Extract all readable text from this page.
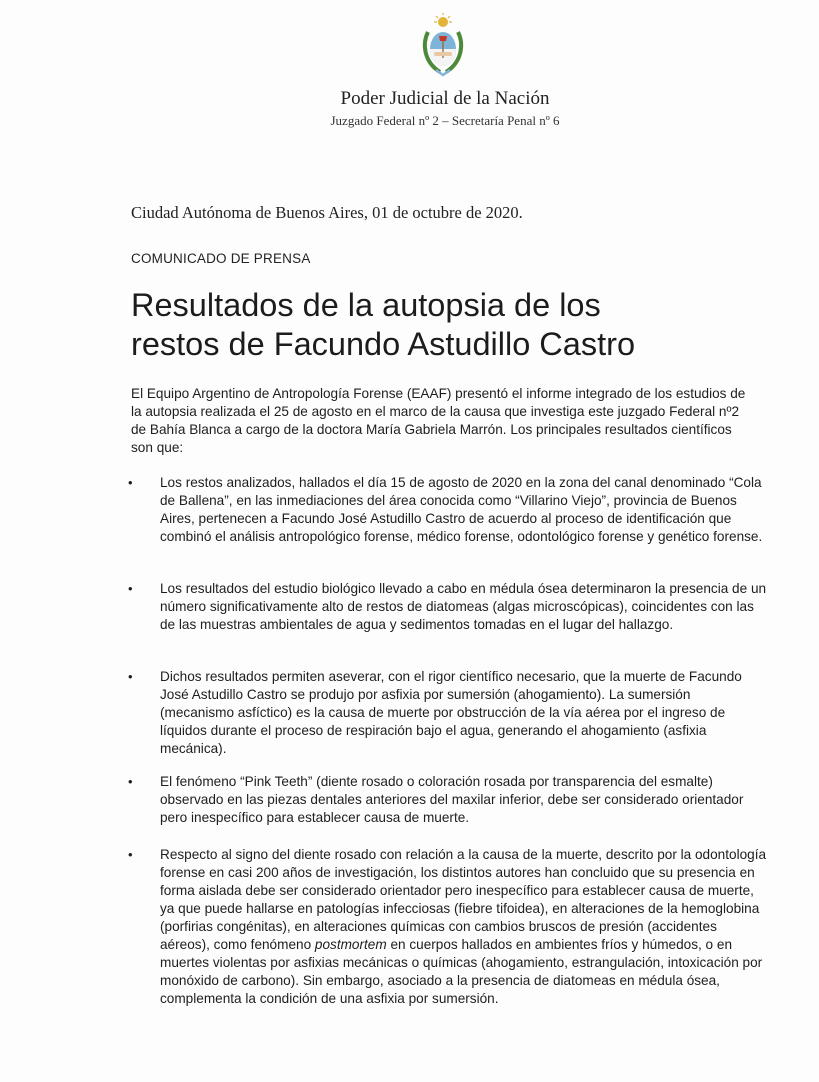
Poder Judicial de la Nación
Juzgado Federal nº 2 – Secretaría Penal nº 6
Ciudad Autónoma de Buenos Aires, 01 de octubre de 2020.
COMUNICADO DE PRENSA
Resultados de la autopsia de los
restos de Facundo Astudillo Castro

El Equipo Argentino de Antropología Forense (EAAF) presentó el informe integrado de los estudios de la autopsia realizada el 25 de agosto en el marco de la causa que investiga este juzgado Federal nº2 de Bahía Blanca a cargo de la doctora María Gabriela Marrón. Los principales resultados científicos son que:

• Los restos analizados, hallados el día 15 de agosto de 2020 en la zona del canal denominado “Cola de Ballena”, en las inmediaciones del área conocida como “Villarino Viejo”, provincia de Buenos Aires, pertenecen a Facundo José Astudillo Castro de acuerdo al proceso de identificación que combinó el análisis antropológico forense, médico forense, odontológico forense y genético forense.

• Los resultados del estudio biológico llevado a cabo en médula ósea determinaron la presencia de un número significativamente alto de restos de diatomeas (algas microscópicas), coincidentes con las de las muestras ambientales de agua y sedimentos tomadas en el lugar del hallazgo.

• Dichos resultados permiten aseverar, con el rigor científico necesario, que la muerte de Facundo José Astudillo Castro se produjo por asfixia por sumersión (ahogamiento). La sumersión (mecanismo asfíctico) es la causa de muerte por obstrucción de la vía aérea por el ingreso de líquidos durante el proceso de respiración bajo el agua, generando el ahogamiento (asfixia mecánica).

• El fenómeno “Pink Teeth” (diente rosado o coloración rosada por transparencia del esmalte) observado en las piezas dentales anteriores del maxilar inferior, debe ser considerado orientador pero inespecífico para establecer causa de muerte.

• Respecto al signo del diente rosado con relación a la causa de la muerte, descrito por la odontología forense en casi 200 años de investigación, los distintos autores han concluido que su presencia en forma aislada debe ser considerado orientador pero inespecífico para establecer causa de muerte, ya que puede hallarse en patologías infecciosas (fiebre tifoidea), en alteraciones de la hemoglobina (porfirias congénitas), en alteraciones químicas con cambios bruscos de presión (accidentes aéreos), como fenómeno postmortem en cuerpos hallados en ambientes fríos y húmedos, o en muertes violentas por asfixias mecánicas o químicas (ahogamiento, estrangulación, intoxicación por monóxido de carbono). Sin embargo, asociado a la presencia de diatomeas en médula ósea, complementa la condición de una asfixia por sumersión.
